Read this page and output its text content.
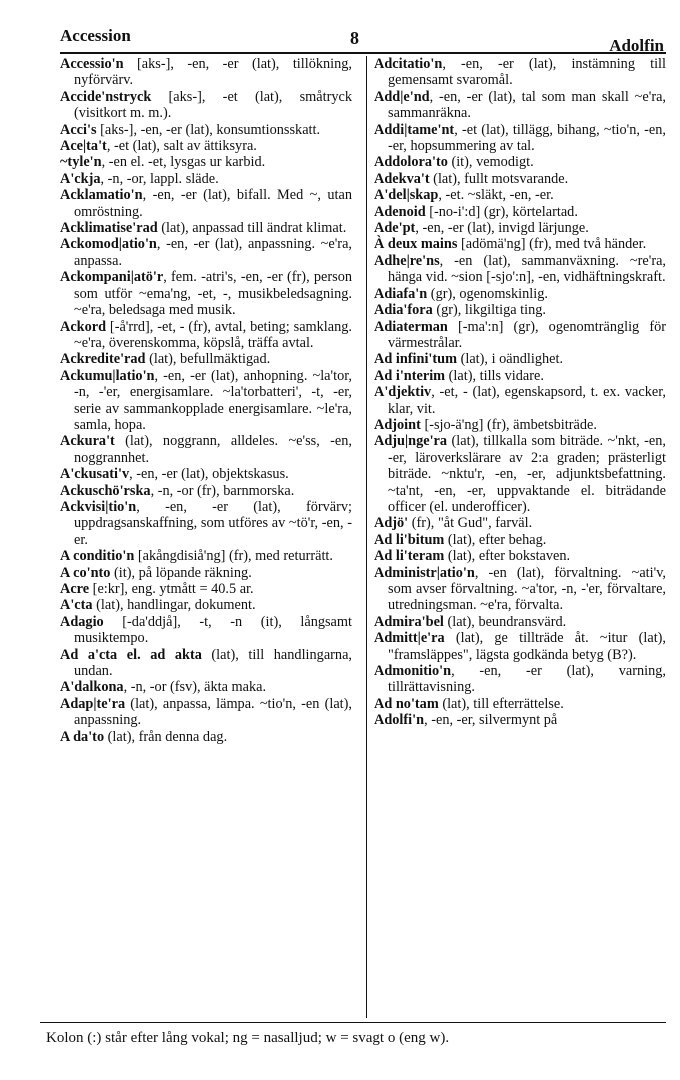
Accession	8	Adolfin

Accessio'n [aks-], -en, -er (lat), tillökning, nyförvärv.

Accide'nstryck [aks-], -et (lat), småtryck (visitkort m. m.).

Acci's [aks-], -en, -er (lat), konsumtionsskatt.

Ace|ta't, -et (lat), salt av ättiksyra.

~tyle'n, -en el. -et, lysgas ur karbid.

A'ckja, -n, -or, lappl. släde.

Acklamatio'n, -en, -er (lat), bifall. Med ~, utan omröstning.

Acklimatise'rad (lat), anpassad till ändrat klimat.

Ackomod|atio'n, -en, -er (lat), anpassning. ~e'ra, anpassa.

Ackompani|atö'r, fem. -atri's, -en, -er (fr), person som utför ~ema'ng, -et, -, musikbeledsagning. ~e'ra, beledsaga med musik.

Ackord [-å'rrd], -et, - (fr), avtal, beting; samklang. ~e'ra, överenskomma, köpslå, träffa avtal.

Ackredite'rad (lat), befullmäktigad.

Ackumu|latio'n, -en, -er (lat), anhopning. ~la'tor, -n, -'er, energisamlare. ~la'torbatteri', -t, -er, serie av sammankopplade energisamlare. ~le'ra, samla, hopa.

Ackura't (lat), noggrann, alldeles. ~e'ss, -en, noggrannhet.

A'ckusati'v, -en, -er (lat), objektskasus.

Ackuschö'rska, -n, -or (fr), barnmorska.

Ackvisi|tio'n, -en, -er (lat), förvärv; uppdragsanskaffning, som utföres av ~tö'r, -en, -er.

A conditio'n [akångdisiå'ng] (fr), med returrätt.

A co'nto (it), på löpande räkning.

Acre [e:kr], eng. ytmått = 40.5 ar.

A'cta (lat), handlingar, dokument.

Adagio [-da'ddjå], -t, -n (it), långsamt musiktempo.

Ad a'cta el. ad akta (lat), till handlingarna, undan.

A'dalkona, -n, -or (fsv), äkta maka.

Adap|te'ra (lat), anpassa, lämpa. ~tio'n, -en (lat), anpassning.

A da'to (lat), från denna dag.

Adcitatio'n, -en, -er (lat), instämning till gemensamt svaromål.

Add|e'nd, -en, -er (lat), tal som man skall ~e'ra, sammanräkna.

Addi|tame'nt, -et (lat), tillägg, bihang, ~tio'n, -en, -er, hopsummering av tal.

Addolora'to (it), vemodigt.

Adekva't (lat), fullt motsvarande.

A'del|skap, -et. ~släkt, -en, -er.

Adenoid [-no-i':d] (gr), körtelartad.

Ade'pt, -en, -er (lat), invigd lärjunge.

À deux mains [adömä'ng] (fr), med två händer.

Adhe|re'ns, -en (lat), sammanväxning. ~re'ra, hänga vid. ~sion [-sjo':n], -en, vidhäftningskraft.

Adiafa'n (gr), ogenomskinlig.

Adia'fora (gr), likgiltiga ting.

Adiaterman [-ma':n] (gr), ogenomtränglig för värmestrålar.

Ad infini'tum (lat), i oändlighet.

Ad i'nterim (lat), tills vidare.

A'djektiv, -et, - (lat), egenskapsord, t. ex. vacker, klar, vit.

Adjoint [-sjo-ä'ng] (fr), ämbetsbiträde.

Adju|nge'ra (lat), tillkalla som biträde. ~'nkt, -en, -er, läroverkslärare av 2:a graden; prästerligt biträde. ~nktu'r, -en, -er, adjunktsbefattning. ~ta'nt, -en, -er, uppvaktande el. biträdande officer (el. underofficer).

Adjö' (fr), "åt Gud", farväl.

Ad li'bitum (lat), efter behag.

Ad li'teram (lat), efter bokstaven.

Administr|atio'n, -en (lat), förvaltning. ~ati'v, som avser förvaltning. ~a'tor, -n, -'er, förvaltare, utredningsman. ~e'ra, förvalta.

Admira'bel (lat), beundransvärd.

Admitt|e'ra (lat), ge tillträde åt. ~itur (lat), "framsläppes", lägsta godkända betyg (B?).

Admonitio'n, -en, -er (lat), varning, tillrättavisning.

Ad no'tam (lat), till efterrättelse.

Adolfi'n, -en, -er, silvermynt på

Kolon (:) står efter lång vokal; ng = nasalljud; w = svagt o (eng w).
